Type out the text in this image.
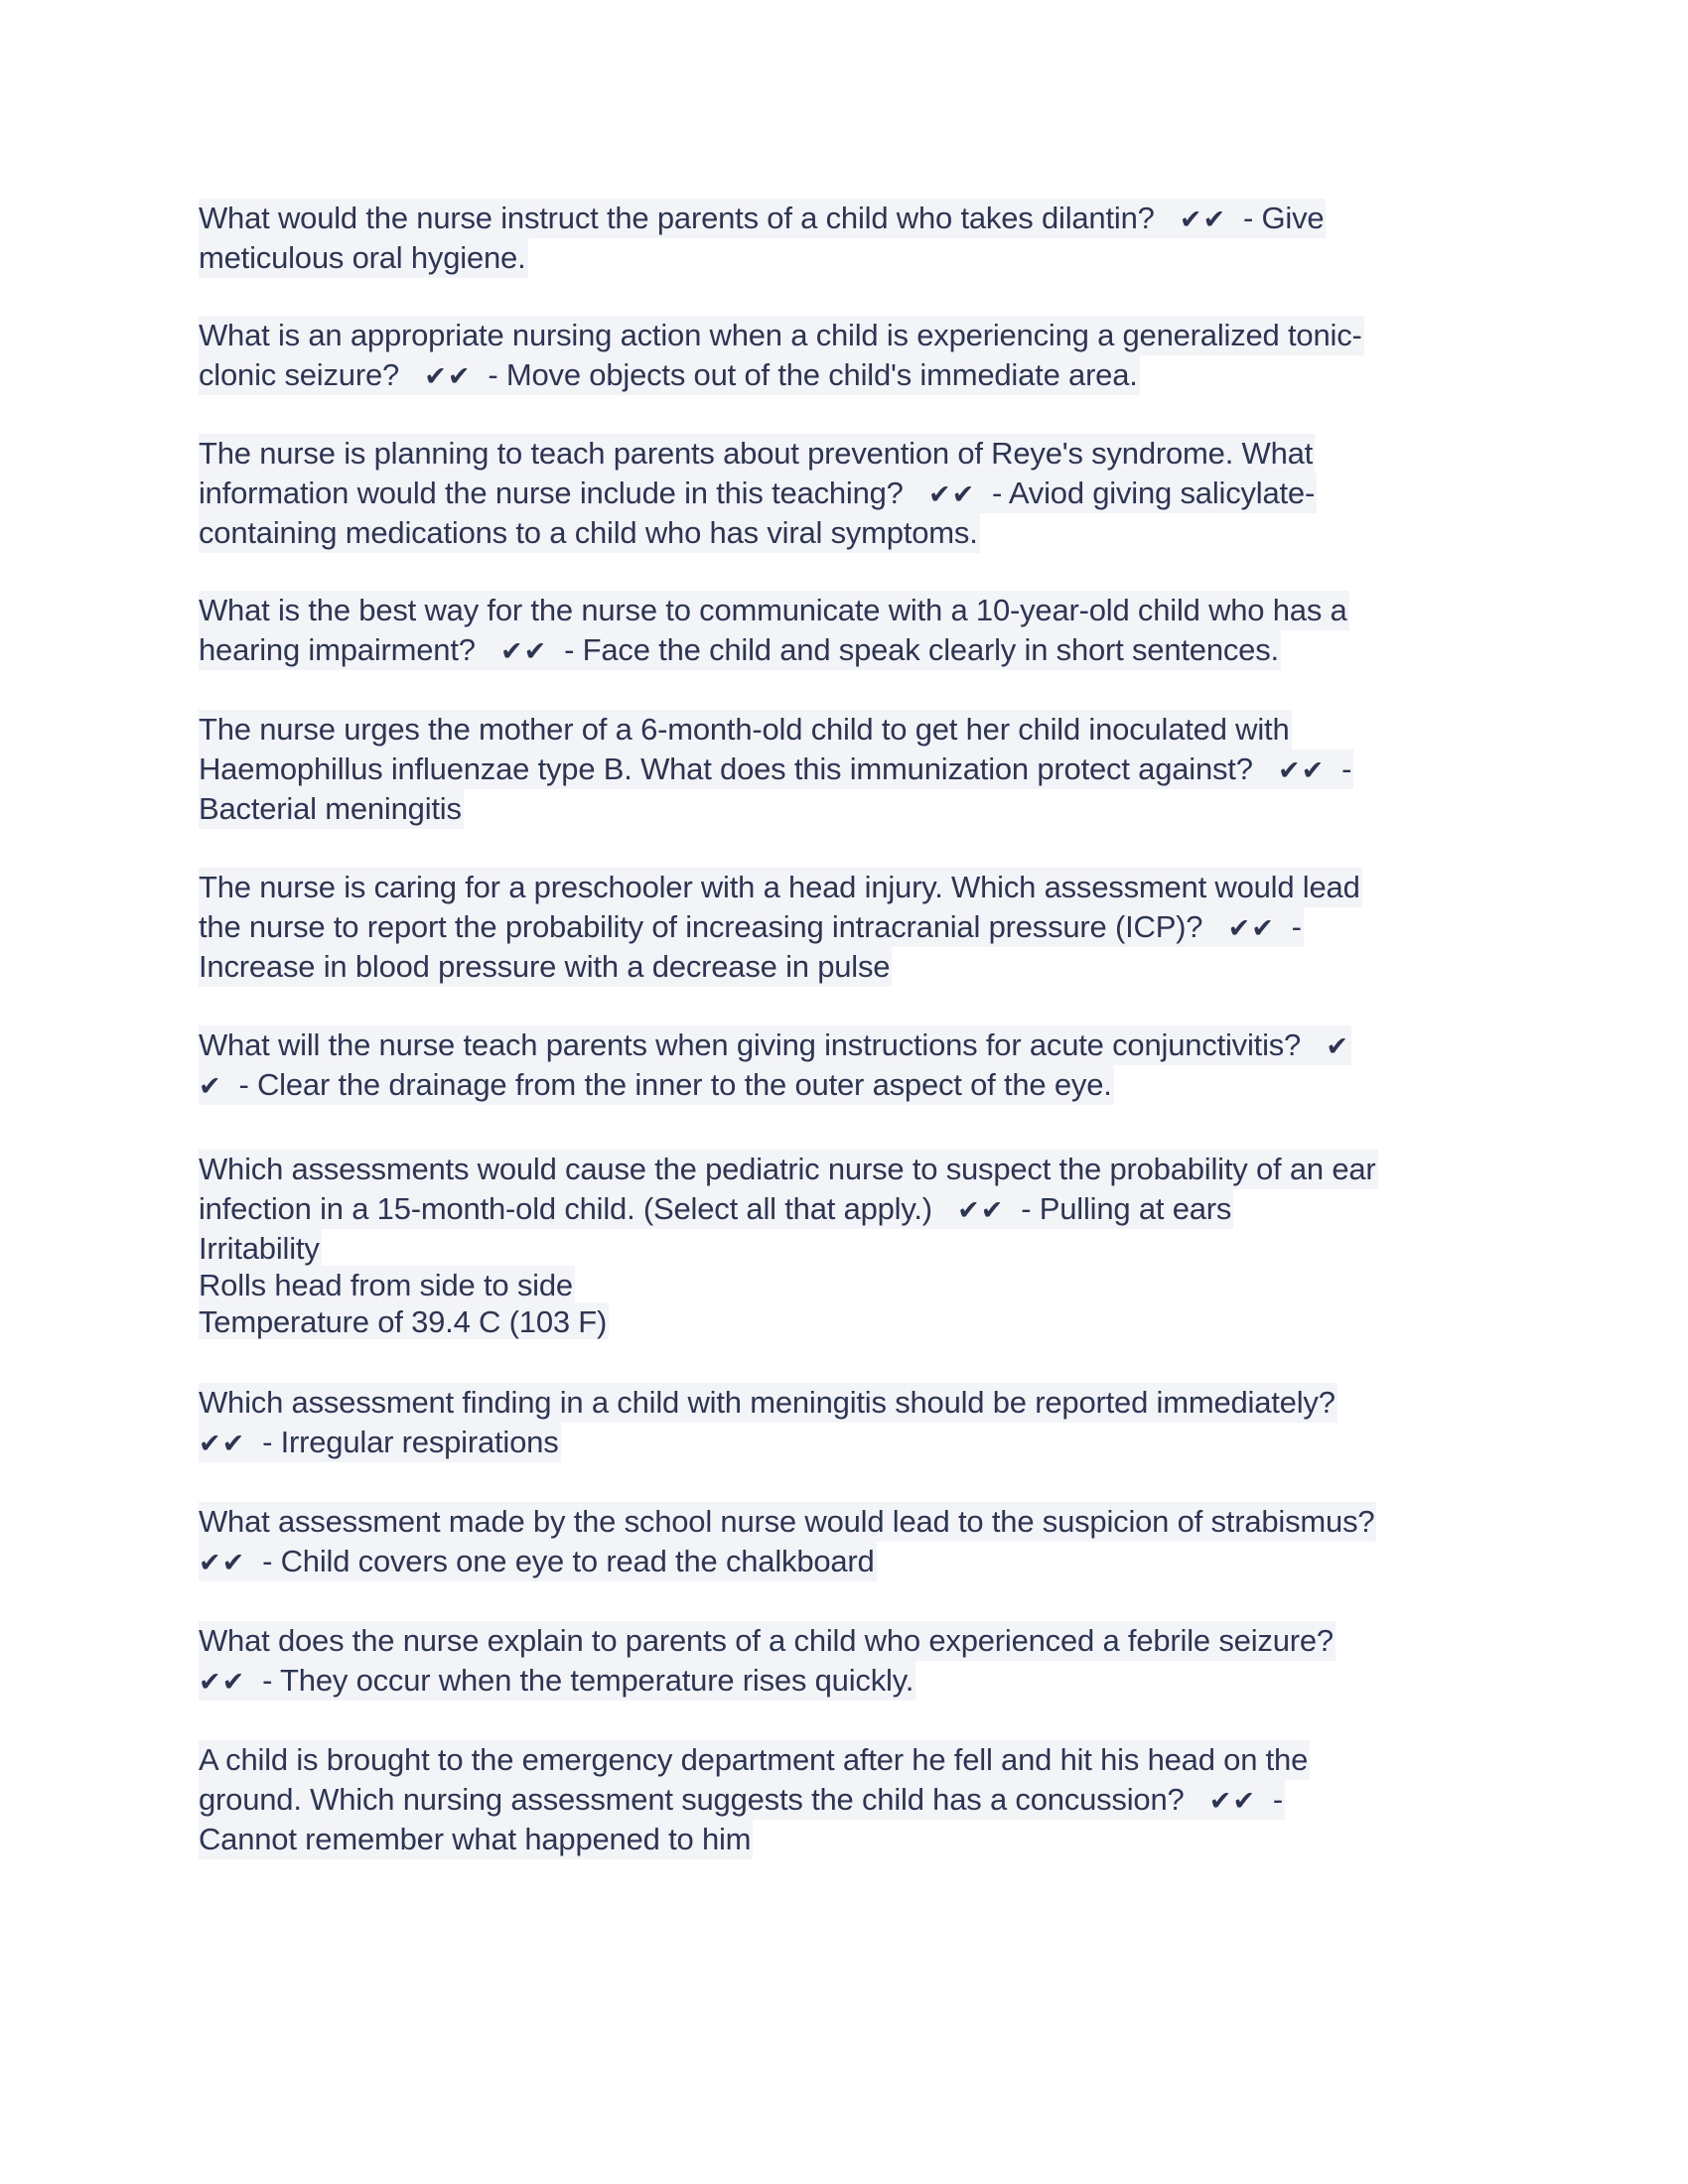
What would the nurse instruct the parents of a child who takes dilantin?   ✔✔  - Give
meticulous oral hygiene.
What is an appropriate nursing action when a child is experiencing a generalized tonic-
clonic seizure?   ✔✔  - Move objects out of the child's immediate area.
The nurse is planning to teach parents about prevention of Reye's syndrome. What
information would the nurse include in this teaching?   ✔✔  - Aviod giving salicylate-
containing medications to a child who has viral symptoms.
What is the best way for the nurse to communicate with a 10-year-old child who has a
hearing impairment?   ✔✔  - Face the child and speak clearly in short sentences.
The nurse urges the mother of a 6-month-old child to get her child inoculated with
Haemophillus influenzae type B. What does this immunization protect against?   ✔✔  -
Bacterial meningitis
The nurse is caring for a preschooler with a head injury. Which assessment would lead
the nurse to report the probability of increasing intracranial pressure (ICP)?   ✔✔  -
Increase in blood pressure with a decrease in pulse
What will the nurse teach parents when giving instructions for acute conjunctivitis?   ✔
✔  - Clear the drainage from the inner to the outer aspect of the eye.
Which assessments would cause the pediatric nurse to suspect the probability of an ear
infection in a 15-month-old child. (Select all that apply.)   ✔✔  - Pulling at ears
Irritability
Rolls head from side to side
Temperature of 39.4 C (103 F)
Which assessment finding in a child with meningitis should be reported immediately?
✔✔  - Irregular respirations
What assessment made by the school nurse would lead to the suspicion of strabismus?
✔✔  - Child covers one eye to read the chalkboard
What does the nurse explain to parents of a child who experienced a febrile seizure?
✔✔  - They occur when the temperature rises quickly.
A child is brought to the emergency department after he fell and hit his head on the
ground. Which nursing assessment suggests the child has a concussion?   ✔✔  -
Cannot remember what happened to him
